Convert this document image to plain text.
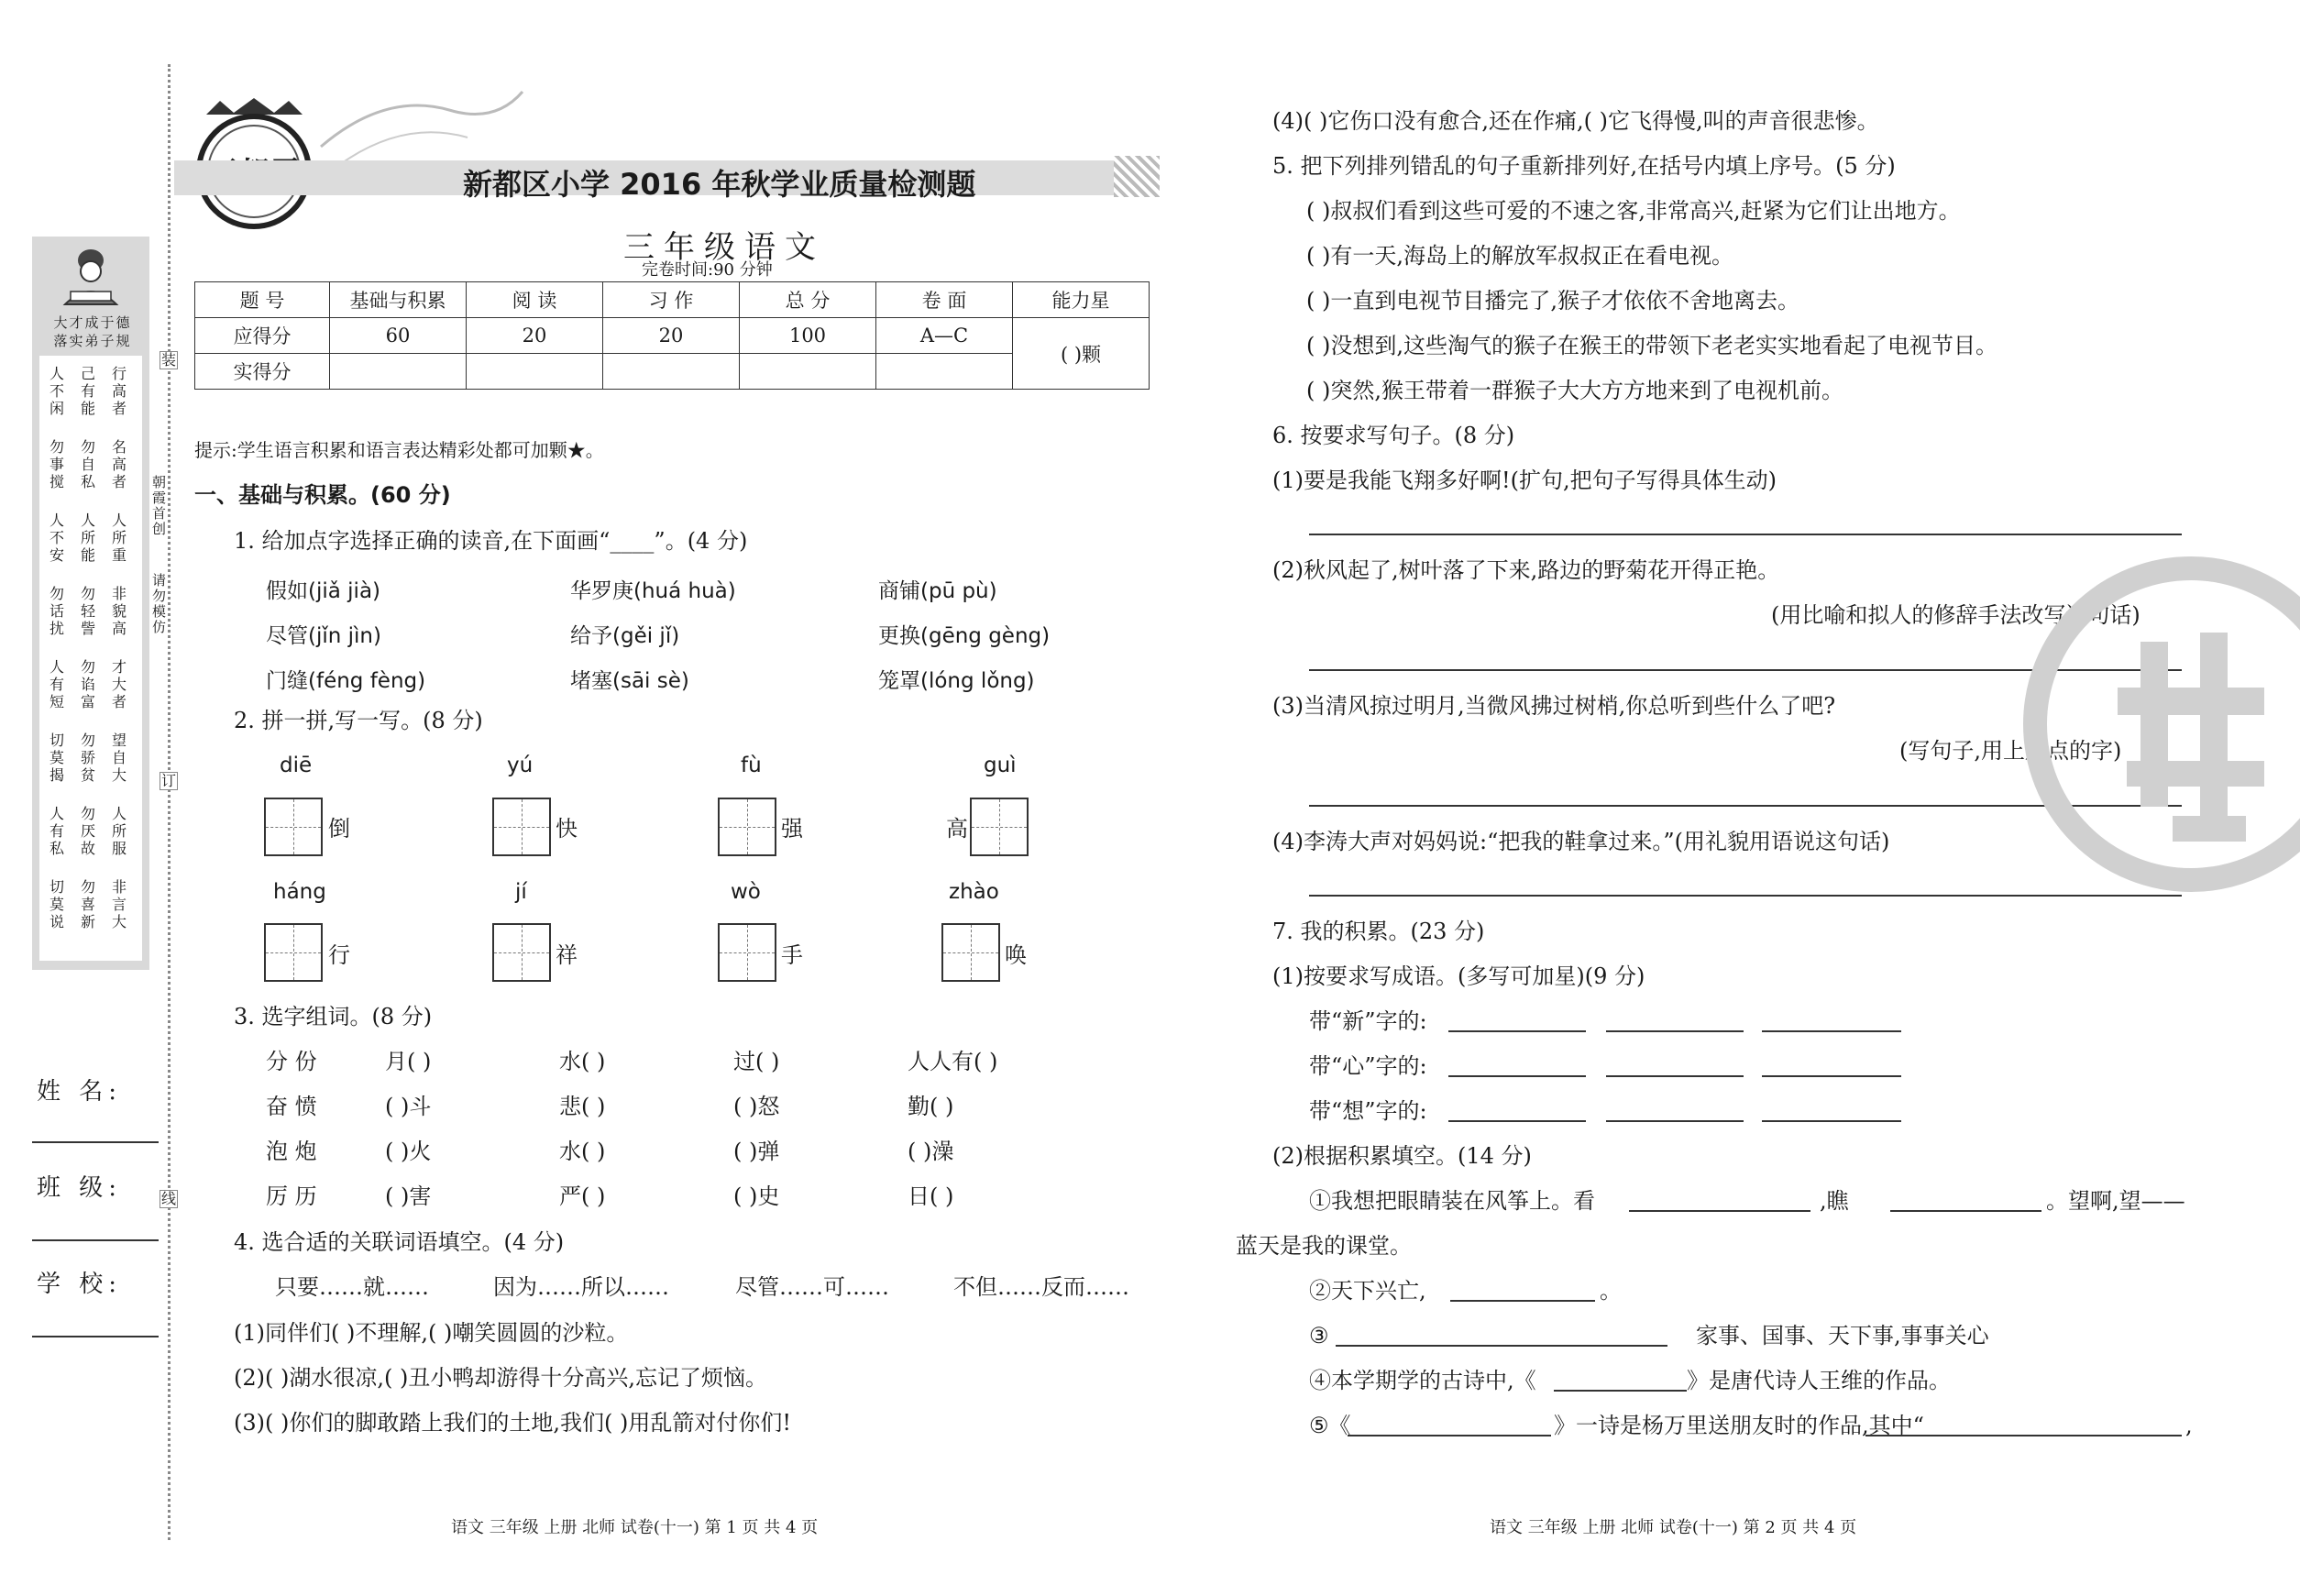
大才成于德
落实弟子规
人
不
闲
己
有
能
行
高
者
勿
事
搅
勿
自
私
名
高
者
人
不
安
人
所
能
人
所
重
勿
话
扰
勿
轻
訾
非
貌
高
人
有
短
勿
谄
富
才
大
者
切
莫
揭
勿
骄
贫
望
自
大
人
有
私
勿
厌
故
人
所
服
切
莫
说
勿
喜
新
非
言
大
姓 名:
班 级:
学 校:
装
订
线
朝霞首创
请勿模仿
新都区小学 2016 年秋学业质量检测题
三年级语文
完卷时间:90 分钟
题 号	基础与积累	阅 读	习 作	总 分	卷 面	能力星
应得分	60	20	20	100	A—C	( )颗
实得分						
提示:学生语言积累和语言表达精彩处都可加颗★。
一、基础与积累。(60 分)
1. 给加点字选择正确的读音,在下面画“____”。(4 分)
假如(jiǎ jià)	华罗庚(huá huà)	商铺(pū pù)
尽管(jǐn jìn)	给予(gěi jǐ)	更换(gēng gèng)
门缝(féng fèng)	堵塞(sāi sè)	笼罩(lóng lǒng)
2. 拼一拼,写一写。(8 分)
diē	yú	fù	guì
倒	快	强	高
háng	jí	wò	zhào
行	祥	手	唤
3. 选字组词。(8 分)
分 份	月( )	水( )	过( )	人人有( )
奋 愤	( )斗	悲( )	( )怒	勤( )
泡 炮	( )火	水( )	( )弹	( )澡
厉 历	( )害	严( )	( )史	日( )
4. 选合适的关联词语填空。(4 分)
只要……就……	因为……所以……	尽管……可……	不但……反而……
(1)同伴们( )不理解,( )嘲笑圆圆的沙粒。
(2)( )湖水很凉,( )丑小鸭却游得十分高兴,忘记了烦恼。
(3)( )你们的脚敢踏上我们的土地,我们( )用乱箭对付你们!
语文 三年级 上册 北师 试卷(十一) 第 1 页 共 4 页
(4)( )它伤口没有愈合,还在作痛,( )它飞得慢,叫的声音很悲惨。
5. 把下列排列错乱的句子重新排列好,在括号内填上序号。(5 分)
( )叔叔们看到这些可爱的不速之客,非常高兴,赶紧为它们让出地方。
( )有一天,海岛上的解放军叔叔正在看电视。
( )一直到电视节目播完了,猴子才依依不舍地离去。
( )没想到,这些淘气的猴子在猴王的带领下老老实实地看起了电视节目。
( )突然,猴王带着一群猴子大大方方地来到了电视机前。
6. 按要求写句子。(8 分)
(1)要是我能飞翔多好啊!(扩句,把句子写得具体生动)
(2)秋风起了,树叶落了下来,路边的野菊花开得正艳。
(用比喻和拟人的修辞手法改写这句话)
(3)当清风掠过明月,当微风拂过树梢,你总听到些什么了吧?
(写句子,用上加点的字)
(4)李涛大声对妈妈说:“把我的鞋拿过来。”(用礼貌用语说这句话)
7. 我的积累。(23 分)
(1)按要求写成语。(多写可加星)(9 分)
带“新”字的:
带“心”字的:
带“想”字的:
(2)根据积累填空。(14 分)
①我想把眼睛装在风筝上。看	,瞧	。望啊,望——
蓝天是我的课堂。
②天下兴亡,	。
③	家事、国事、天下事,事事关心
④本学期学的古诗中,《	》是唐代诗人王维的作品。
⑤《	》一诗是杨万里送朋友时的作品,其中“	,
语文 三年级 上册 北师 试卷(十一) 第 2 页 共 4 页
